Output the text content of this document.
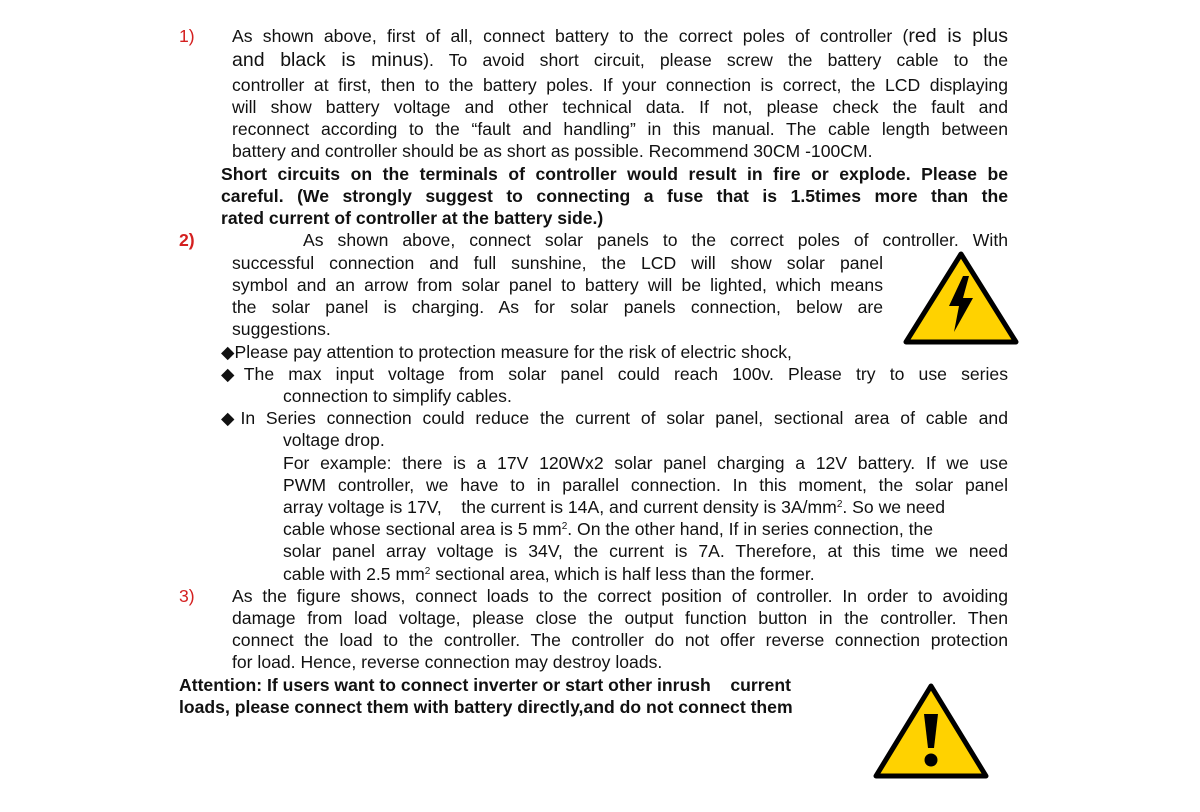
1) As shown above, first of all, connect battery to the correct poles of controller (red is plus
and black is minus). To avoid short circuit, please screw the battery cable to the
controller at first, then to the battery poles. If your connection is correct, the LCD displaying
will show battery voltage and other technical data. If not, please check the fault and
reconnect according to the “fault and handling” in this manual. The cable length between
battery and controller should be as short as possible. Recommend 30CM -100CM.
Short circuits on the terminals of controller would result in fire or explode. Please be
careful. (We strongly suggest to connecting a fuse that is 1.5times more than the
rated current of controller at the battery side.)
2)	As shown above, connect solar panels to the correct poles of controller. With
successful connection and full sunshine, the LCD will show solar panel
symbol and an arrow from solar panel to battery will be lighted, which means
the solar panel is charging. As for solar panels connection, below are
suggestions.
◆Please pay attention to protection measure for the risk of electric shock,
◆The max input voltage from solar panel could reach 100v. Please try to use series
connection to simplify cables.
◆In Series connection could reduce the current of solar panel, sectional area of cable and
voltage drop.
For example: there is a 17V 120Wx2 solar panel charging a 12V battery. If we use
PWM controller, we have to in parallel connection. In this moment, the solar panel
array voltage is 17V,    the current is 14A, and current density is $3A/mm^2$. So we need
cable whose sectional area is 5 $mm^2$. On the other hand, If in series connection, the
solar panel array voltage is 34V, the current is 7A. Therefore, at this time we need
cable with 2.5 $mm^2$ sectional area, which is half less than the former.
3) As the figure shows, connect loads to the correct position of controller. In order to avoiding
damage from load voltage, please close the output function button in the controller. Then
connect the load to the controller. The controller do not offer reverse connection protection
for load. Hence, reverse connection may destroy loads.
Attention: If users want to connect inverter or start other inrush    current
loads, please connect them with battery directly,and do not connect them
